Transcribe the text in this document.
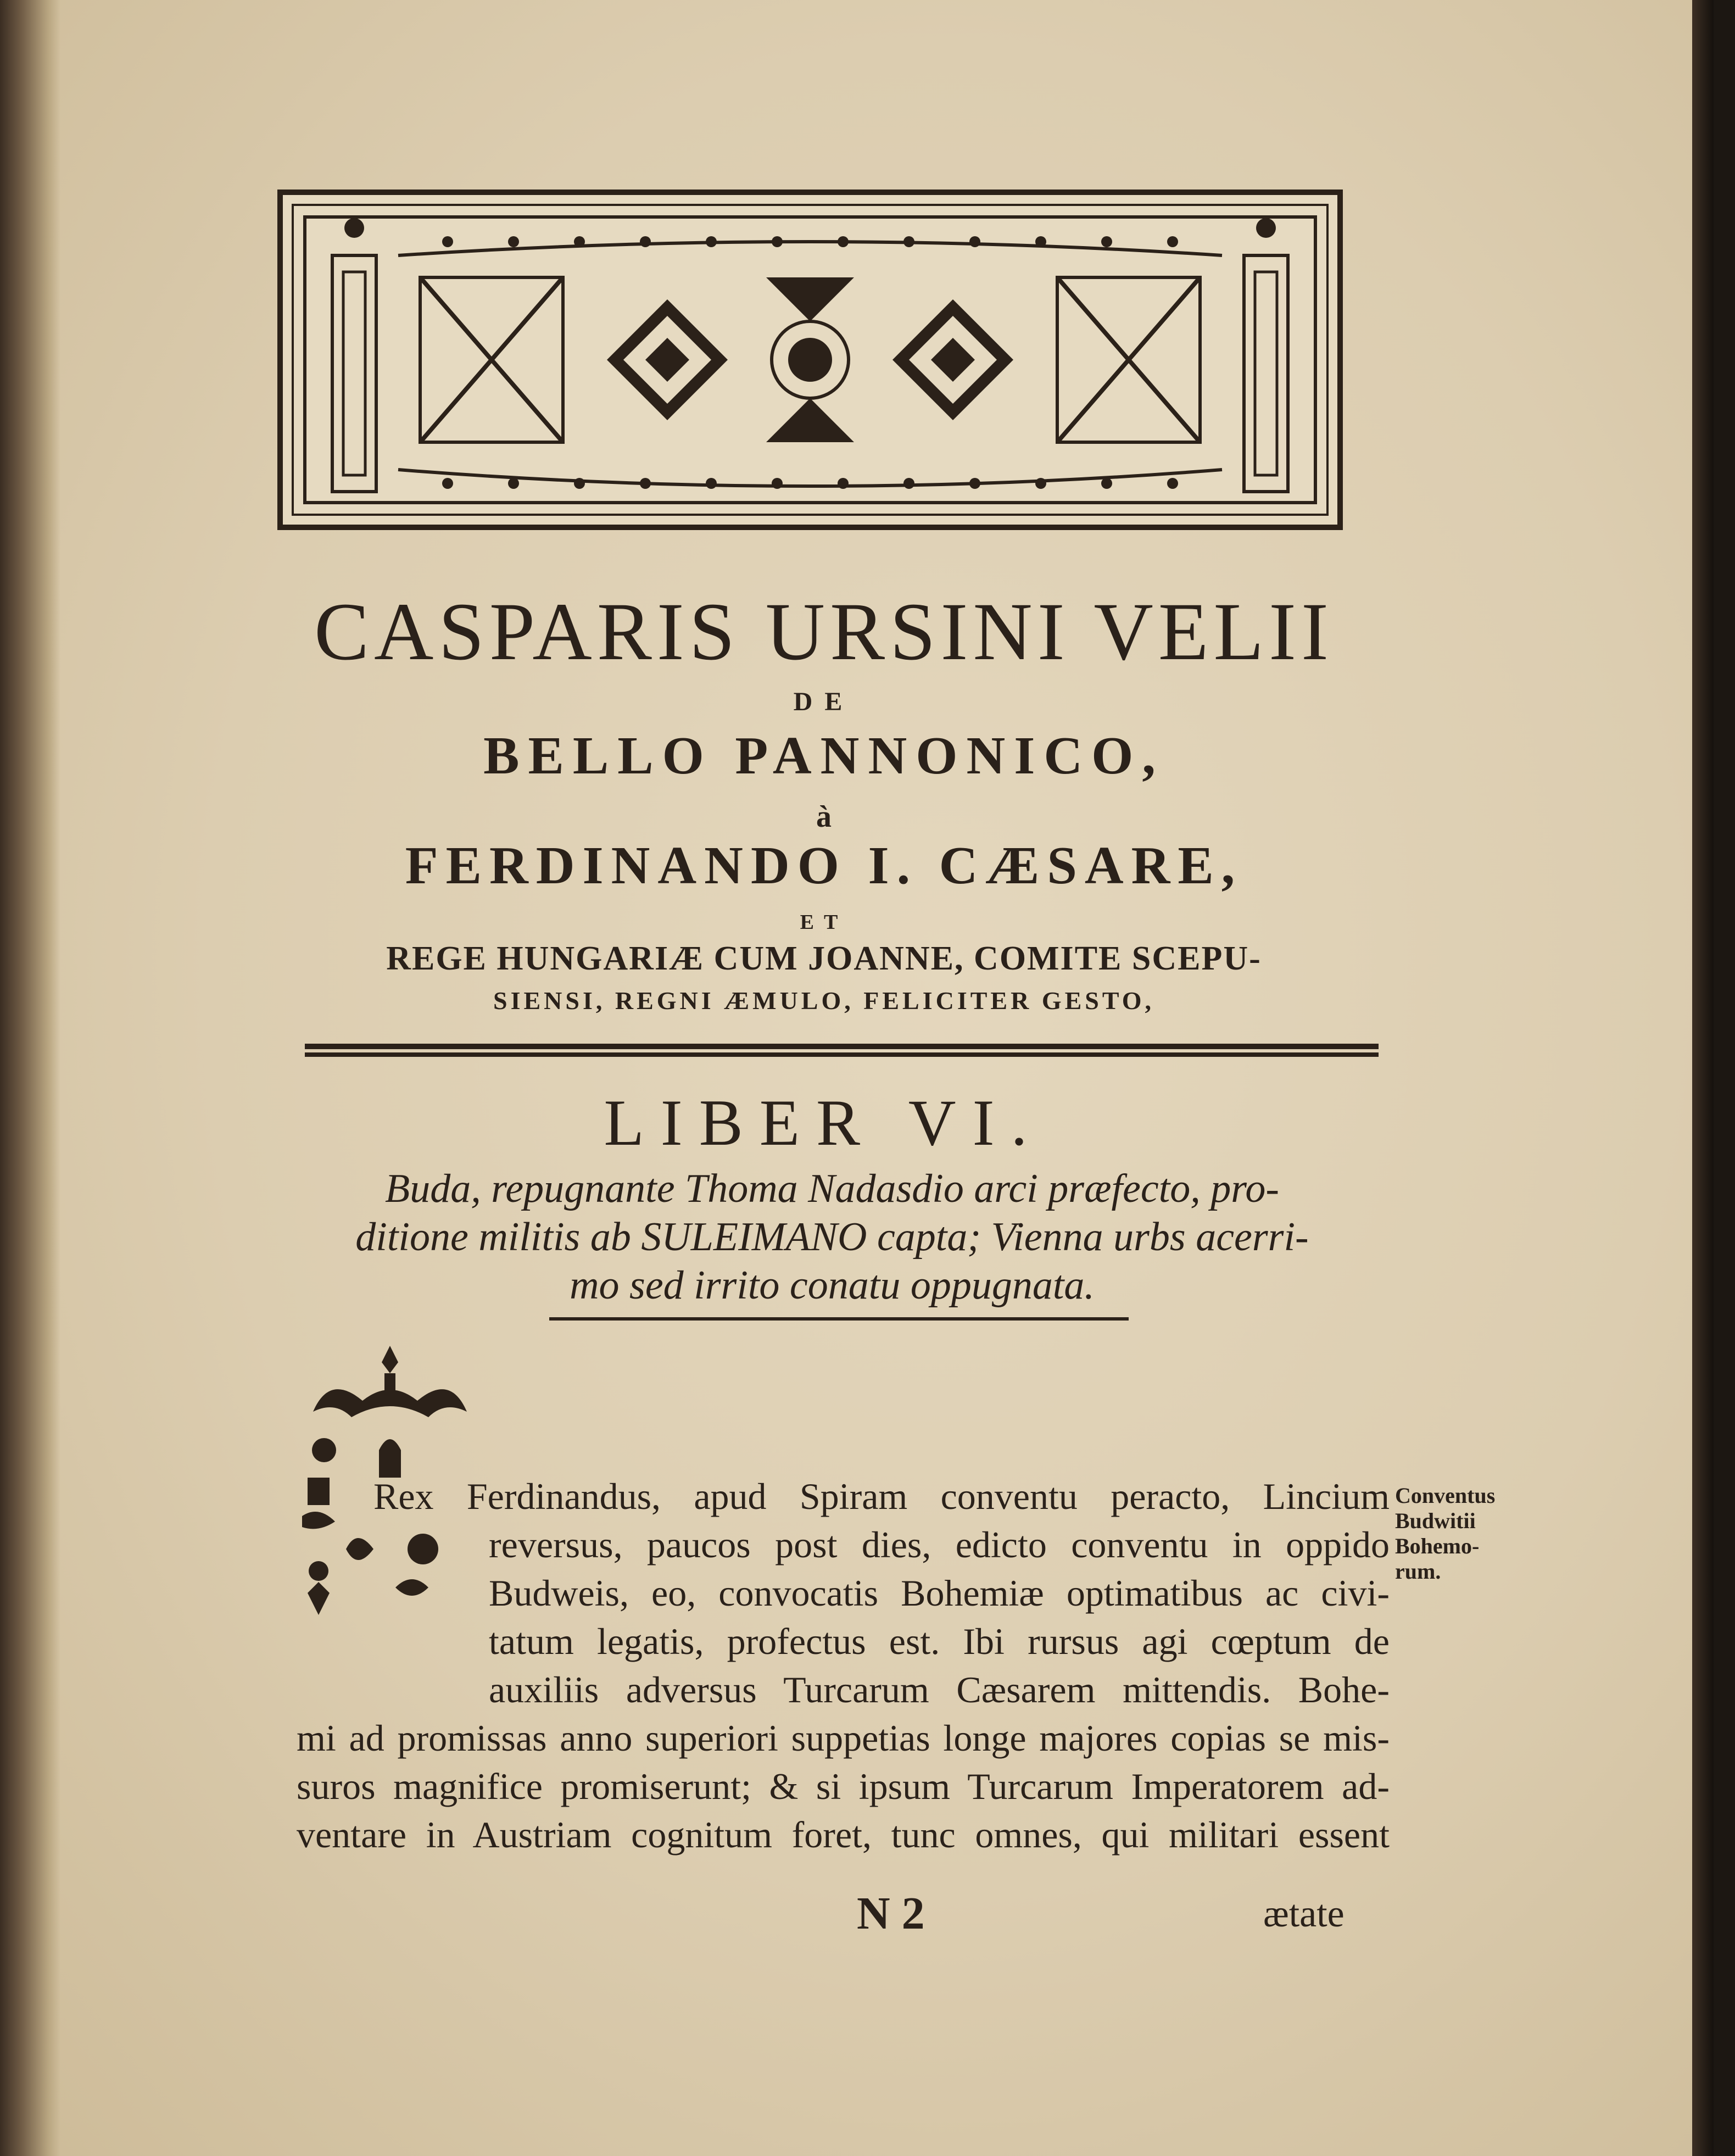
CASPARIS URSINI VELII
DE
BELLO PANNONICO,
à
FERDINANDO I. CÆSARE,
ET
REGE HUNGARIÆ CUM JOANNE, COMITE SCEPU-
SIENSI, REGNI ÆMULO, FELICITER GESTO,
LIBER VI.
Buda, repugnante Thoma Nadasdio arci præfecto, pro-
ditione militis ab SULEIMANO capta; Vienna urbs acerri-
mo sed irrito conatu oppugnata.
Rex Ferdinandus, apud Spiram conventu peracto, Lincium
reversus, paucos post dies, edicto conventu in oppido
Budweis, eo, convocatis Bohemiæ optimatibus ac civi-
tatum legatis, profectus est. Ibi rursus agi cœptum de
auxiliis adversus Turcarum Cæsarem mittendis. Bohe-
mi ad promissas anno superiori suppetias longe majores copias se mis-
suros magnifice promiserunt; & si ipsum Turcarum Imperatorem ad-
ventare in Austriam cognitum foret, tunc omnes, qui militari essent
N 2	ætate
Conventus
Budwitii
Bohemo-
rum.
